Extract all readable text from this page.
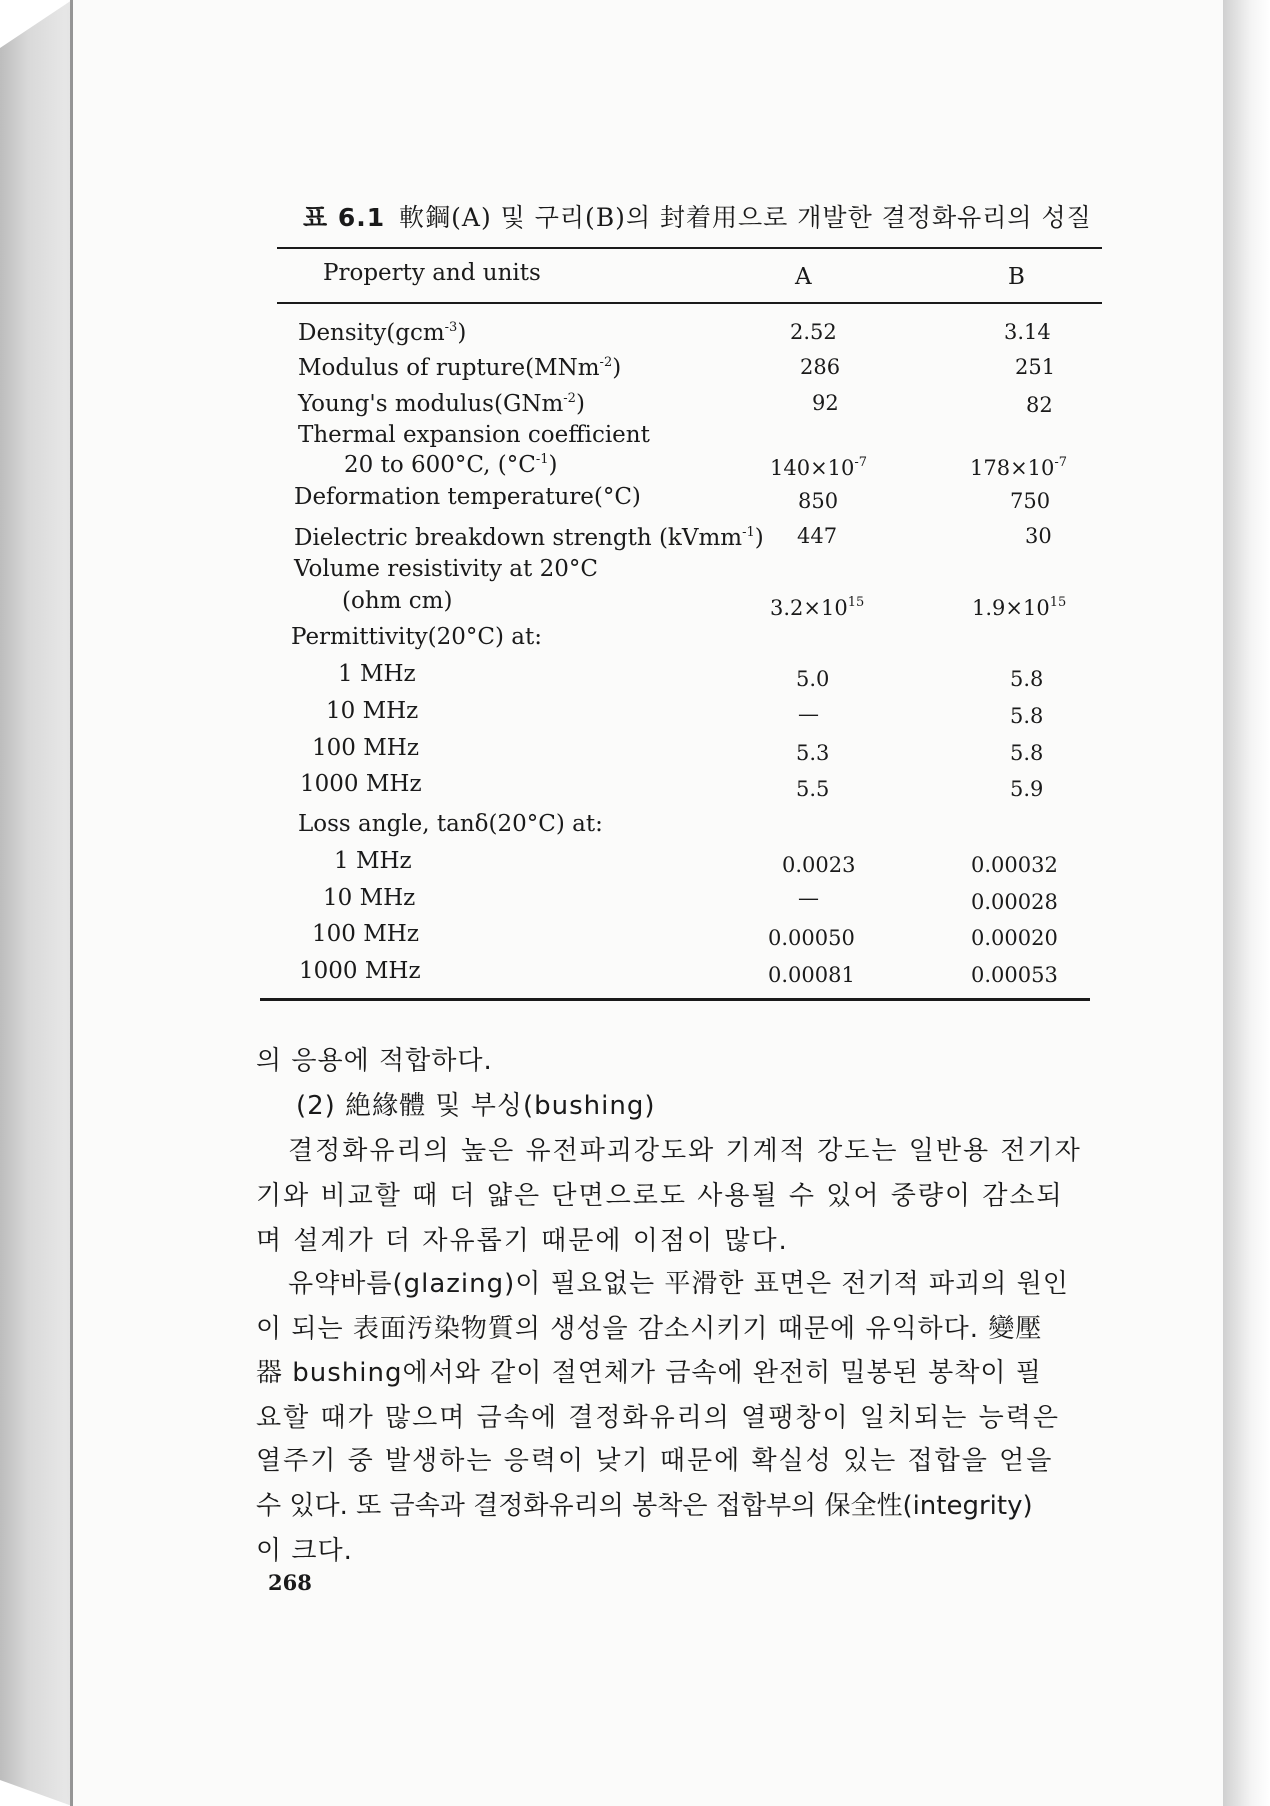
표 6.1 軟鋼(A) 및 구리(B)의 封着用으로 개발한 결정화유리의 성질
Property and units	A	B
Density(gcm$^{-3}$)	2.52	3.14
Modulus of rupture(MNm$^{-2}$)	286	251
Young's modulus(GNm$^{-2}$)	92	82
Thermal expansion coefficient
20 to 600°C, $(^\circ C^{-1})$	$140\times 10^{-7}$	$178\times 10^{-7}$
Deformation temperature(°C)	850	750
Dielectric breakdown strength (kVmm$^{-1}$) 447	30
Volume resistivity at 20°C
(ohm cm)	$3.2\times 10^{15}$	$1.9\times 10^{15}$
Permittivity(20°C) at:
1 MHz	5.0	5.8
10 MHz	—	5.8
100 MHz	5.3	5.8
1000 MHz	5.5	5.9
Loss angle, tanδ(20°C) at:
1 MHz	0.0023	0.00032
10 MHz	—	0.00028
100 MHz	0.00050	0.00020
1000 MHz	0.00081	0.00053
의 응용에 적합하다.
(2) 絶緣體 및 부싱(bushing)
결정화유리의 높은 유전파괴강도와 기계적 강도는 일반용 전기자
기와 비교할 때 더 얇은 단면으로도 사용될 수 있어 중량이 감소되
며 설계가 더 자유롭기 때문에 이점이 많다.
유약바름(glazing)이 필요없는 平滑한 표면은 전기적 파괴의 원인
이 되는 表面汚染物質의 생성을 감소시키기 때문에 유익하다. 變壓
器 bushing에서와 같이 절연체가 금속에 완전히 밀봉된 봉착이 필
요할 때가 많으며 금속에 결정화유리의 열팽창이 일치되는 능력은
열주기 중 발생하는 응력이 낮기 때문에 확실성 있는 접합을 얻을
수 있다. 또 금속과 결정화유리의 봉착은 접합부의 保全性(integrity)
이 크다.
268
